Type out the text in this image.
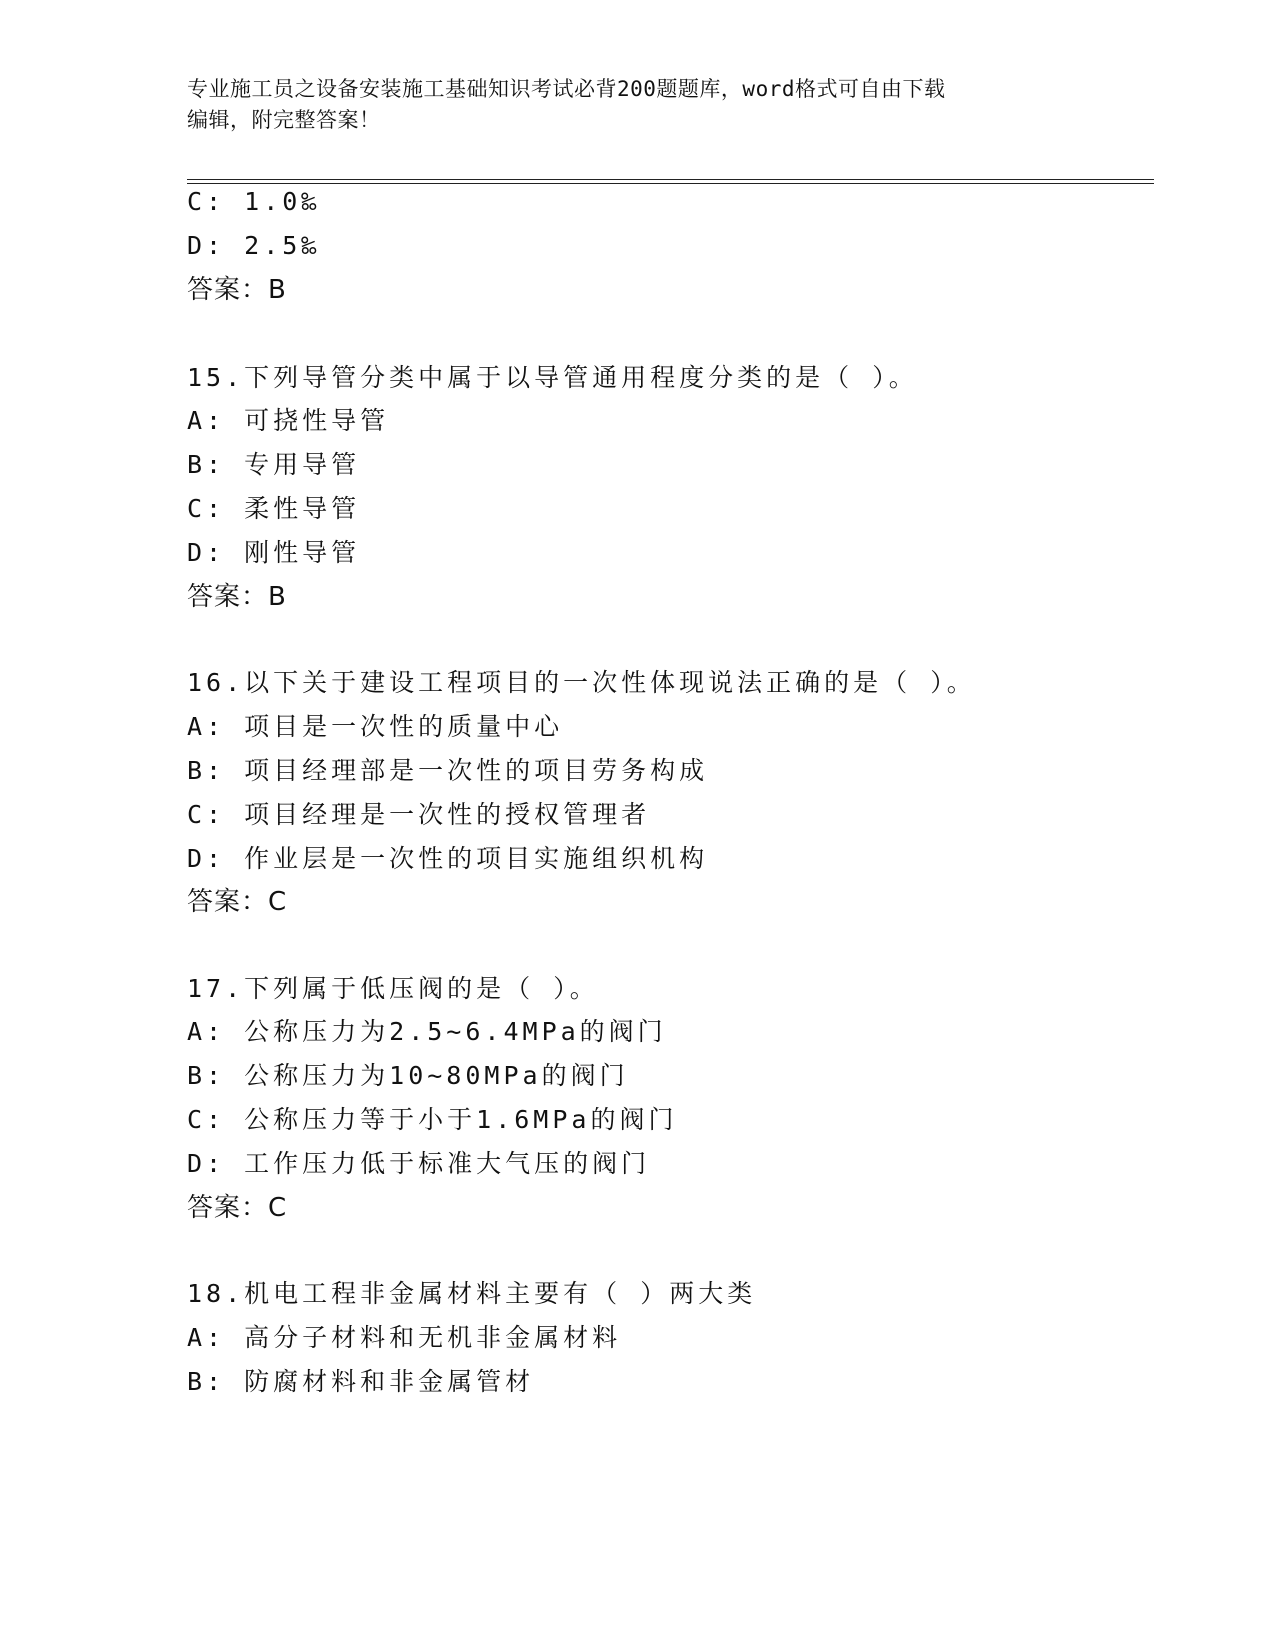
专业施工员之设备安装施工基础知识考试必背200题题库，word格式可自由下载
编辑，附完整答案！
C: 1.0‰
D: 2.5‰
答案：B
15.下列导管分类中属于以导管通用程度分类的是（ ）。
A: 可挠性导管
B: 专用导管
C: 柔性导管
D: 刚性导管
答案：B
16.以下关于建设工程项目的一次性体现说法正确的是（ ）。
A: 项目是一次性的质量中心
B: 项目经理部是一次性的项目劳务构成
C: 项目经理是一次性的授权管理者
D: 作业层是一次性的项目实施组织机构
答案：C
17.下列属于低压阀的是（ ）。
A: 公称压力为2.5~6.4MPa的阀门
B: 公称压力为10~80MPa的阀门
C: 公称压力等于小于1.6MPa的阀门
D: 工作压力低于标准大气压的阀门
答案：C
18.机电工程非金属材料主要有（ ）两大类
A: 高分子材料和无机非金属材料
B: 防腐材料和非金属管材
